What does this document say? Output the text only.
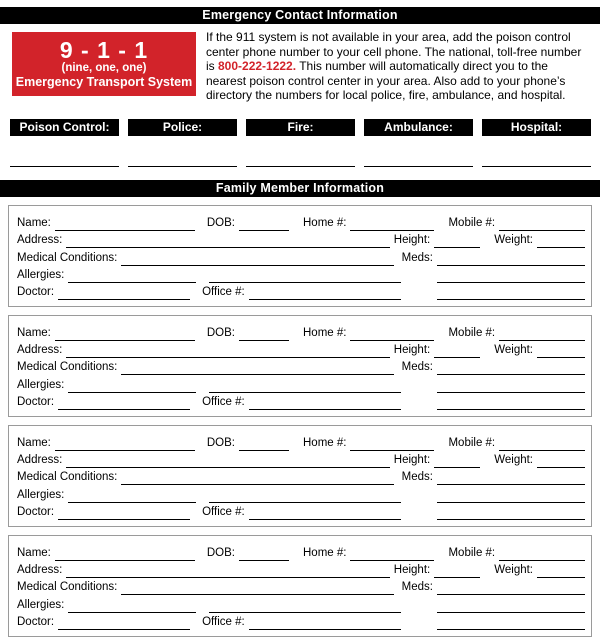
Emergency Contact Information
9 - 1 - 1
(nine, one, one)
Emergency Transport System

If the 911 system is not available in your area, add the poison control center phone number to your cell phone. The national, toll-free number is 800-222-1222. This number will automatically direct you to the nearest poison control center in your area. Also add to your phone’s directory the numbers for local police, fire, ambulance, and hospital.

Poison Control:	Police:	Fire:	Ambulance:	Hospital:
Family Member Information
Name:	DOB:	Home #:	Mobile #:
Address:	Height:	Weight:
Medical Conditions:	Meds:
Allergies:
Doctor:	Office #:
Name:	DOB:	Home #:	Mobile #:
Address:	Height:	Weight:
Medical Conditions:	Meds:
Allergies:
Doctor:	Office #:
Name:	DOB:	Home #:	Mobile #:
Address:	Height:	Weight:
Medical Conditions:	Meds:
Allergies:
Doctor:	Office #:
Name:	DOB:	Home #:	Mobile #:
Address:	Height:	Weight:
Medical Conditions:	Meds:
Allergies:
Doctor:	Office #:
